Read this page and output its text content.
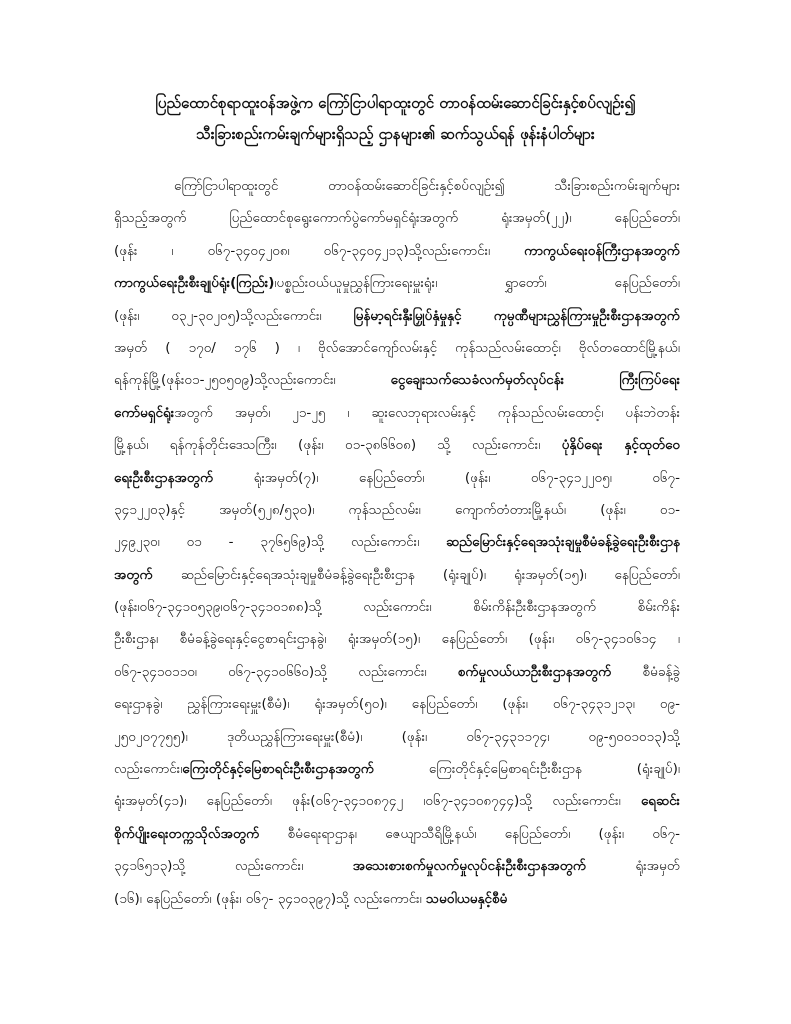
ပြည်ထောင်စုရာထူးဝန်အဖွဲ့က ကြော်ငြာပါရာထူးတွင် တာဝန်ထမ်းဆောင်ခြင်းနှင့်စပ်လျဉ်း၍
သီးခြားစည်းကမ်းချက်များရှိသည့် ဌာနများ၏ ဆက်သွယ်ရန် ဖုန်းနံပါတ်များ
ကြော်ငြာပါရာထူးတွင် တာဝန်ထမ်းဆောင်ခြင်းနှင့်စပ်လျဉ်း၍ သီးခြားစည်းကမ်းချက်များ
ရှိသည့်အတွက် ပြည်ထောင်စုရွေးကောက်ပွဲကော်မရှင်ရုံးအတွက် ရုံးအမှတ်(၂၂)၊ နေပြည်တော်၊
(ဖုန်း ၊ ၀၆၇-၃၄၀၄၂၀၈၊ ၀၆၇-၃၄၀၄၂၁၃)သို့လည်းကောင်း၊ ကာကွယ်ရေးဝန်ကြီးဌာနအတွက်
ကာကွယ်ရေးဦးစီးချုပ်ရုံး(ကြည်း)၊ပစ္စည်းဝယ်ယူမှုညွှန်ကြားရေးမှူးရုံး၊ ရွှာတော်၊ နေပြည်တော်၊
(ဖုန်း၊ ၀၃၂-၃၀၂၀၅)သို့လည်းကောင်း၊ မြန်မာ့ရင်းနှီးမြှုပ်နှံမှုနှင့် ကုမ္ပဏီများညွှန်ကြားမှုဦးစီးဌာနအတွက်
အမှတ် ( ၁၇၀/ ၁၇၆ ) ၊ ဗိုလ်အောင်ကျော်လမ်းနှင့် ကုန်သည်လမ်းထောင့်၊ ဗိုလ်တထောင်မြို့နယ်၊
ရန်ကုန်မြို့(ဖုန်း၀၁-၂၅၀၅၀၉)သို့လည်းကောင်း၊ ငွေချေးသက်သေခံလက်မှတ်လုပ်ငန်း ကြီးကြပ်ရေး
ကော်မရှင်ရုံးအတွက် အမှတ်၊ ၂၁-၂၅ ၊ ဆူးလေဘုရားလမ်းနှင့် ကုန်သည်လမ်းထောင့်၊ ပန်းဘဲတန်း
မြို့နယ်၊ ရန်ကုန်တိုင်းဒေသကြီး၊ (ဖုန်း၊ ၀၁-၃၈၆၆၀၈) သို့ လည်းကောင်း၊ ပုံနှိပ်ရေး နှင့်ထုတ်ဝေ
ရေးဦးစီးဌာနအတွက် ရုံးအမှတ်(၇)၊ နေပြည်တော်၊ (ဖုန်း၊ ၀၆၇-၃၄၁၂၂၀၅၊ ၀၆၇-
၃၄၁၂၂၀၃)နှင့် အမှတ်(၅၂၈/၅၃၀)၊ ကုန်သည်လမ်း၊ ကျောက်တံတားမြို့နယ်၊ (ဖုန်း၊ ၀၁-
၂၄၉၂၃၀၊ ၀၁ - ၃၇၆၅၆၉)သို့ လည်းကောင်း၊ ဆည်မြောင်းနှင့်ရေအသုံးချမှုစီမံခန့်ခွဲရေးဦးစီးဌာန
အတွက် ဆည်မြောင်းနှင့်ရေအသုံးချမှုစီမံခန့်ခွဲရေးဦးစီးဌာန (ရုံးချုပ်)၊ ရုံးအမှတ်(၁၅)၊ နေပြည်တော်၊
(ဖုန်း၊၀၆၇-၃၄၁၀၅၃၉၊၀၆၇-၃၄၁၀၁၈၈)သို့ လည်းကောင်း၊ စိမ်းကိန်းဦးစီးဌာနအတွက် စိမ်းကိန်း
ဦးစီးဌာန၊ စီမံခန့်ခွဲရေးနှင့်ငွေစာရင်းဌာနခွဲ၊ ရုံးအမှတ်(၁၅)၊ နေပြည်တော်၊ (ဖုန်း၊ ၀၆၇-၃၄၁၀၆၁၄ ၊
၀၆၇-၃၄၁၀၁၁၀၊ ၀၆၇-၃၄၁၀၆၆၀)သို့ လည်းကောင်း၊ စက်မှုလယ်ယာဦးစီးဌာနအတွက် စီမံခန့်ခွဲ
ရေးဌာနခွဲ၊ ညွှန်ကြားရေးမှူး(စီမံ)၊ ရုံးအမှတ်(၅၀)၊ နေပြည်တော်၊ (ဖုန်း၊ ၀၆၇-၃၄၃၁၂၁၃၊ ၀၉-
၂၅၀၂၀၇၇၅၅)၊ ဒုတိယညွှန်ကြားရေးမှူး(စီမံ)၊ (ဖုန်း၊ ၀၆၇-၃၄၃၁၁၇၄၊ ၀၉-၅၀၀၁၀၁၃)သို့
လည်းကောင်း၊ကြေးတိုင်နှင့်မြေစာရင်းဦးစီးဌာနအတွက် ကြေးတိုင်နှင့်မြေစာရင်းဦးစီးဌာန (ရုံးချုပ်)၊
ရုံးအမှတ်(၄၁)၊ နေပြည်တော်၊ ဖုန်း(၀၆၇-၃၄၁၀၈၇၄၂ ၊၀၆၇-၃၄၁၀၈၇၄၄)သို့ လည်းကောင်း၊ ရေဆင်း
စိုက်ပျိုးရေးတက္ကသိုလ်အတွက် စီမံရေးရာဌာန၊ ဇေယျာသီရိမြို့နယ်၊ နေပြည်တော်၊ (ဖုန်း၊ ၀၆၇-
၃၄၁၆၅၁၃)သို့ လည်းကောင်း၊ အသေးစားစက်မှုလက်မှုလုပ်ငန်းဦးစီးဌာနအတွက် ရုံးအမှတ်
(၁၆)၊ နေပြည်တော်၊ (ဖုန်း၊ ၀၆၇- ၃၄၁၀၃၉၇)သို့ လည်းကောင်း၊ သမဝါယမနှင့်စီမံ
